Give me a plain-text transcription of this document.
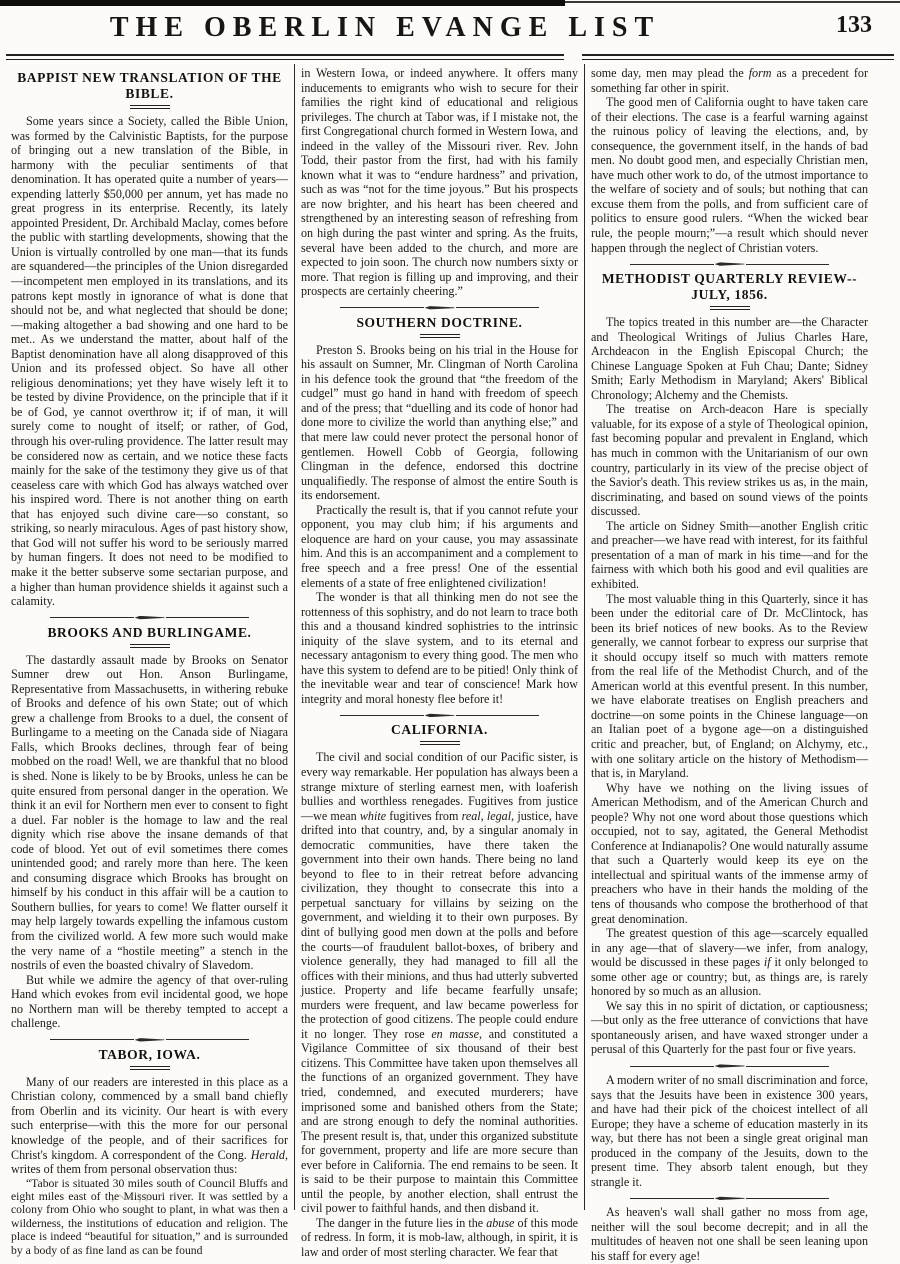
THE OBERLIN EVANGE LIST	133
BAPPIST NEW TRANSLATION OF THE BIBLE.

Some years since a Society, called the Bible Union, was formed by the Calvinistic Baptists, for the purpose of bringing out a new translation of the Bible, in harmony with the peculiar sentiments of that denomination. It has operated quite a number of years—expending latterly $50,000 per annum, yet has made no great progress in its enterprise. Recently, its lately appointed President, Dr. Archibald Maclay, comes before the public with startling developments, showing that the Union is virtually controlled by one man—that its funds are squandered—the principles of the Union disregarded—incompetent men employed in its translations, and its patrons kept mostly in ignorance of what is done that should not be, and what neglected that should be done;—making altogether a bad showing and one hard to be met.. As we understand the matter, about half of the Baptist denomination have all along disapproved of this Union and its professed object. So have all other religious denominations; yet they have wisely left it to be tested by divine Providence, on the principle that if it be of God, ye cannot overthrow it; if of man, it will surely come to nought of itself; or rather, of God, through his over-ruling providence. The latter result may be considered now as certain, and we notice these facts mainly for the sake of the testimony they give us of that ceaseless care with which God has always watched over his inspired word. There is not another thing on earth that has enjoyed such divine care—so constant, so striking, so nearly miraculous. Ages of past history show, that God will not suffer his word to be seriously marred by human fingers. It does not need to be modified to make it the better subserve some sectarian purpose, and a higher than human providence shields it against such a calamity.

BROOKS AND BURLINGAME.

The dastardly assault made by Brooks on Senator Sumner drew out Hon. Anson Burlingame, Representative from Massachusetts, in withering rebuke of Brooks and defence of his own State; out of which grew a challenge from Brooks to a duel, the consent of Burlingame to a meeting on the Canada side of Niagara Falls, which Brooks declines, through fear of being mobbed on the road! Well, we are thankful that no blood is shed. None is likely to be by Brooks, unless he can be quite ensured from personal danger in the operation. We think it an evil for Northern men ever to consent to fight a duel. Far nobler is the homage to law and the real dignity which rise above the insane demands of that code of blood. Yet out of evil sometimes there comes unintended good; and rarely more than here. The keen and consuming disgrace which Brooks has brought on himself by his conduct in this affair will be a caution to Southern bullies, for years to come! We flatter ourself it may help largely towards expelling the infamous custom from the civilized world. A few more such would make the very name of a “hostile meeting” a stench in the nostrils of even the boasted chivalry of Slavedom.

But while we admire the agency of that over-ruling Hand which evokes from evil incidental good, we hope no Northern man will be thereby tempted to accept a challenge.

TABOR, IOWA.

Many of our readers are interested in this place as a Christian colony, commenced by a small band chiefly from Oberlin and its vicinity. Our heart is with every such enterprise—with this the more for our personal knowledge of the people, and of their sacrifices for Christ's kingdom. A correspondent of the Cong. Herald, writes of them from personal observation thus:

“Tabor is situated 30 miles south of Council Bluffs and eight miles east of the Missouri river. It was settled by a colony from Ohio who sought to plant, in what was then a wilderness, the institutions of education and religion. The place is indeed “beautiful for situation,” and is surrounded by a body of as fine land as can be found

in Western Iowa, or indeed anywhere. It offers many inducements to emigrants who wish to secure for their families the right kind of educational and religious privileges. The church at Tabor was, if I mistake not, the first Congregational church formed in Western Iowa, and indeed in the valley of the Missouri river. Rev. John Todd, their pastor from the first, had with his family known what it was to “endure hardness” and privation, such as was “not for the time joyous.” But his prospects are now brighter, and his heart has been cheered and strengthened by an interesting season of refreshing from on high during the past winter and spring. As the fruits, several have been added to the church, and more are expected to join soon. The church now numbers sixty or more. That region is filling up and improving, and their prospects are certainly cheering.”

SOUTHERN DOCTRINE.

Preston S. Brooks being on his trial in the House for his assault on Sumner, Mr. Clingman of North Carolina in his defence took the ground that “the freedom of the cudgel” must go hand in hand with freedom of speech and of the press; that “duelling and its code of honor had done more to civilize the world than anything else;” and that mere law could never protect the personal honor of gentlemen. Howell Cobb of Georgia, following Clingman in the defence, endorsed this doctrine unqualifiedly. The response of almost the entire South is its endorsement.

Practically the result is, that if you cannot refute your opponent, you may club him; if his arguments and eloquence are hard on your cause, you may assassinate him. And this is an accompaniment and a complement to free speech and a free press! One of the essential elements of a state of free enlightened civilization!

The wonder is that all thinking men do not see the rottenness of this sophistry, and do not learn to trace both this and a thousand kindred sophistries to the intrinsic iniquity of the slave system, and to its eternal and necessary antagonism to every thing good. The men who have this system to defend are to be pitied! Only think of the inevitable wear and tear of conscience! Mark how integrity and moral honesty flee before it!

CALIFORNIA.

The civil and social condition of our Pacific sister, is every way remarkable. Her population has always been a strange mixture of sterling earnest men, with loaferish bullies and worthless renegades. Fugitives from justice—we mean white fugitives from real, legal, justice, have drifted into that country, and, by a singular anomaly in democratic communities, have there taken the government into their own hands. There being no land beyond to flee to in their retreat before advancing civilization, they thought to consecrate this into a perpetual sanctuary for villains by seizing on the government, and wielding it to their own purposes. By dint of bullying good men down at the polls and before the courts—of fraudulent ballot-boxes, of bribery and violence generally, they had managed to fill all the offices with their minions, and thus had utterly subverted justice. Property and life became fearfully unsafe; murders were frequent, and law became powerless for the protection of good citizens. The people could endure it no longer. They rose en masse, and constituted a Vigilance Committee of six thousand of their best citizens. This Committee have taken upon themselves all the functions of an organized government. They have tried, condemned, and executed murderers; have imprisoned some and banished others from the State; and are strong enough to defy the nominal authorities. The present result is, that, under this organized substitute for government, property and life are more secure than ever before in California. The end remains to be seen. It is said to be their purpose to maintain this Committee until the people, by another election, shall entrust the civil power to faithful hands, and then disband it.

The danger in the future lies in the abuse of this mode of redress. In form, it is mob-law, although, in spirit, it is law and order of most sterling character. We fear that

some day, men may plead the form as a precedent for something far other in spirit.

The good men of California ought to have taken care of their elections. The case is a fearful warning against the ruinous policy of leaving the elections, and, by consequence, the government itself, in the hands of bad men. No doubt good men, and especially Christian men, have much other work to do, of the utmost importance to the welfare of society and of souls; but nothing that can excuse them from the polls, and from sufficient care of politics to ensure good rulers. “When the wicked bear rule, the people mourn;”—a result which should never happen through the neglect of Christian voters.

METHODIST QUARTERLY REVIEW--JULY, 1856.

The topics treated in this number are—the Character and Theological Writings of Julius Charles Hare, Archdeacon in the English Episcopal Church; the Chinese Language Spoken at Fuh Chau; Dante; Sidney Smith; Early Methodism in Maryland; Akers' Biblical Chronology; Alchemy and the Chemists.

The treatise on Arch-deacon Hare is specially valuable, for its expose of a style of Theological opinion, fast becoming popular and prevalent in England, which has much in common with the Unitarianism of our own country, particularly in its view of the precise object of the Savior's death. This review strikes us as, in the main, discriminating, and based on sound views of the points discussed.

The article on Sidney Smith—another English critic and preacher—we have read with interest, for its faithful presentation of a man of mark in his time—and for the fairness with which both his good and evil qualities are exhibited.

The most valuable thing in this Quarterly, since it has been under the editorial care of Dr. McClintock, has been its brief notices of new books. As to the Review generally, we cannot forbear to express our surprise that it should occupy itself so much with matters remote from the real life of the Methodist Church, and of the American world at this eventful present. In this number, we have elaborate treatises on English preachers and doctrine—on some points in the Chinese language—on an Italian poet of a bygone age—on a distinguished critic and preacher, but, of England; on Alchymy, etc., with one solitary article on the history of Methodism—that is, in Maryland.

Why have we nothing on the living issues of American Methodism, and of the American Church and people? Why not one word about those questions which occupied, not to say, agitated, the General Methodist Conference at Indianapolis? One would naturally assume that such a Quarterly would keep its eye on the intellectual and spiritual wants of the immense army of preachers who have in their hands the molding of the tens of thousands who compose the brotherhood of that great denomination.

The greatest question of this age—scarcely equalled in any age—that of slavery—we infer, from analogy, would be discussed in these pages if it only belonged to some other age or country; but, as things are, is rarely honored by so much as an allusion.

We say this in no spirit of dictation, or captiousness;—but only as the free utterance of convictions that have spontaneously arisen, and have waxed stronger under a perusal of this Quarterly for the past four or five years.

A modern writer of no small discrimination and force, says that the Jesuits have been in existence 300 years, and have had their pick of the choicest intellect of all Europe; they have a scheme of education masterly in its way, but there has not been a single great original man produced in the company of the Jesuits, down to the present time. They absorb talent enough, but they strangle it.

As heaven's wall shall gather no moss from age, neither will the soul become decrepit; and in all the multitudes of heaven not one shall be seen leaning upon his staff for every age!
